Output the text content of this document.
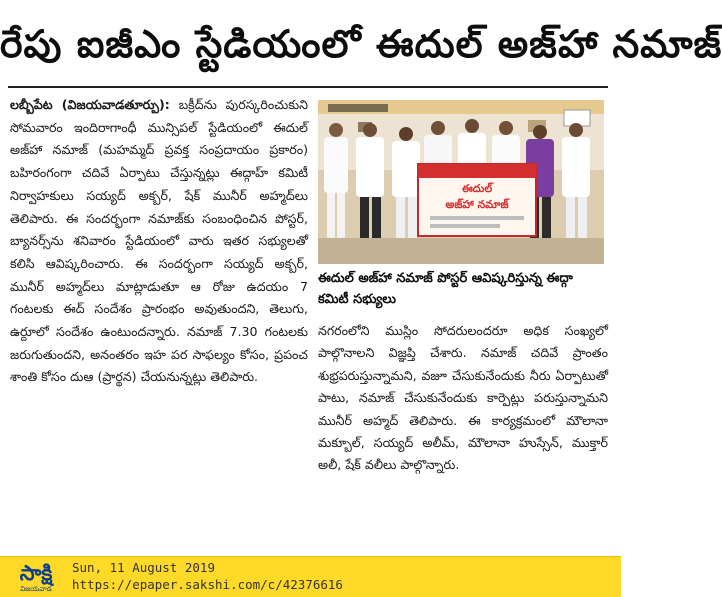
రేపు ఐజీఎం స్టేడియంలో ఈదుల్ అజ్‌హా నమాజ్
లబ్బీపేట (విజయవాడతూర్పు): బక్రీద్‌ను పురస్కరించుకుని సోమవారం ఇందిరాగాంధీ మున్సిపల్ స్టేడియంలో ఈదుల్ అజ్‌హా నమాజ్ (మహమ్మద్ ప్రవక్త సంప్రదాయం ప్రకారం) బహిరంగంగా చదివే ఏర్పాటు చేస్తున్నట్లు ఈద్గాహ్ కమిటీ నిర్వాహకులు సయ్యద్ అక్బర్, షేక్ మునీర్ అహ్మద్‌లు తెలిపారు. ఈ సందర్భంగా నమాజ్‌కు సంబంధించిన పోస్టర్, బ్యానర్స్‌ను శనివారం స్టేడియంలో వారు ఇతర సభ్యులతో కలిసి ఆవిష్కరించారు. ఈ సందర్భంగా సయ్యద్ అక్బర్, మునీర్ అహ్మద్‌లు మాట్లాడుతూ ఆ రోజు ఉదయం 7 గంటలకు ఈద్ సందేశం ప్రారంభం అవుతుందని, తెలుగు, ఉర్దూలో సందేశం ఉంటుందన్నారు. నమాజ్ 7.30 గంటలకు జరుగుతుందని, అనంతరం ఇహ పర సాఫల్యం కోసం, ప్రపంచ శాంతి కోసం దుఆ (ప్రార్థన) చేయనున్నట్లు తెలిపారు.
ఈదుల్
అజ్‌హా నమాజ్
ఈదుల్ అజ్‌హా నమాజ్ పోస్టర్ ఆవిష్కరిస్తున్న ఈద్గా కమిటీ సభ్యులు
నగరంలోని ముస్లిం సోదరులందరూ అధిక సంఖ్యలో పాల్గొనాలని విజ్ఞప్తి చేశారు. నమాజ్ చదివే ప్రాంతం శుభ్రపరుస్తున్నామని, వజూ చేసుకునేందుకు నీరు ఏర్పాటుతో పాటు, నమాజ్ చేసుకునేందుకు కార్పెట్లు పరుస్తున్నామని మునీర్ అహ్మద్ తెలిపారు. ఈ కార్యక్రమంలో మౌలానా మక్బూల్, సయ్యద్ అలీమ్, మౌలానా హుస్సేన్, ముక్తార్ అలీ, షేక్ వలీలు పాల్గొన్నారు.
సాక్షి
విజయవాడ
Sun, 11 August 2019
https://epaper.sakshi.com/c/42376616
